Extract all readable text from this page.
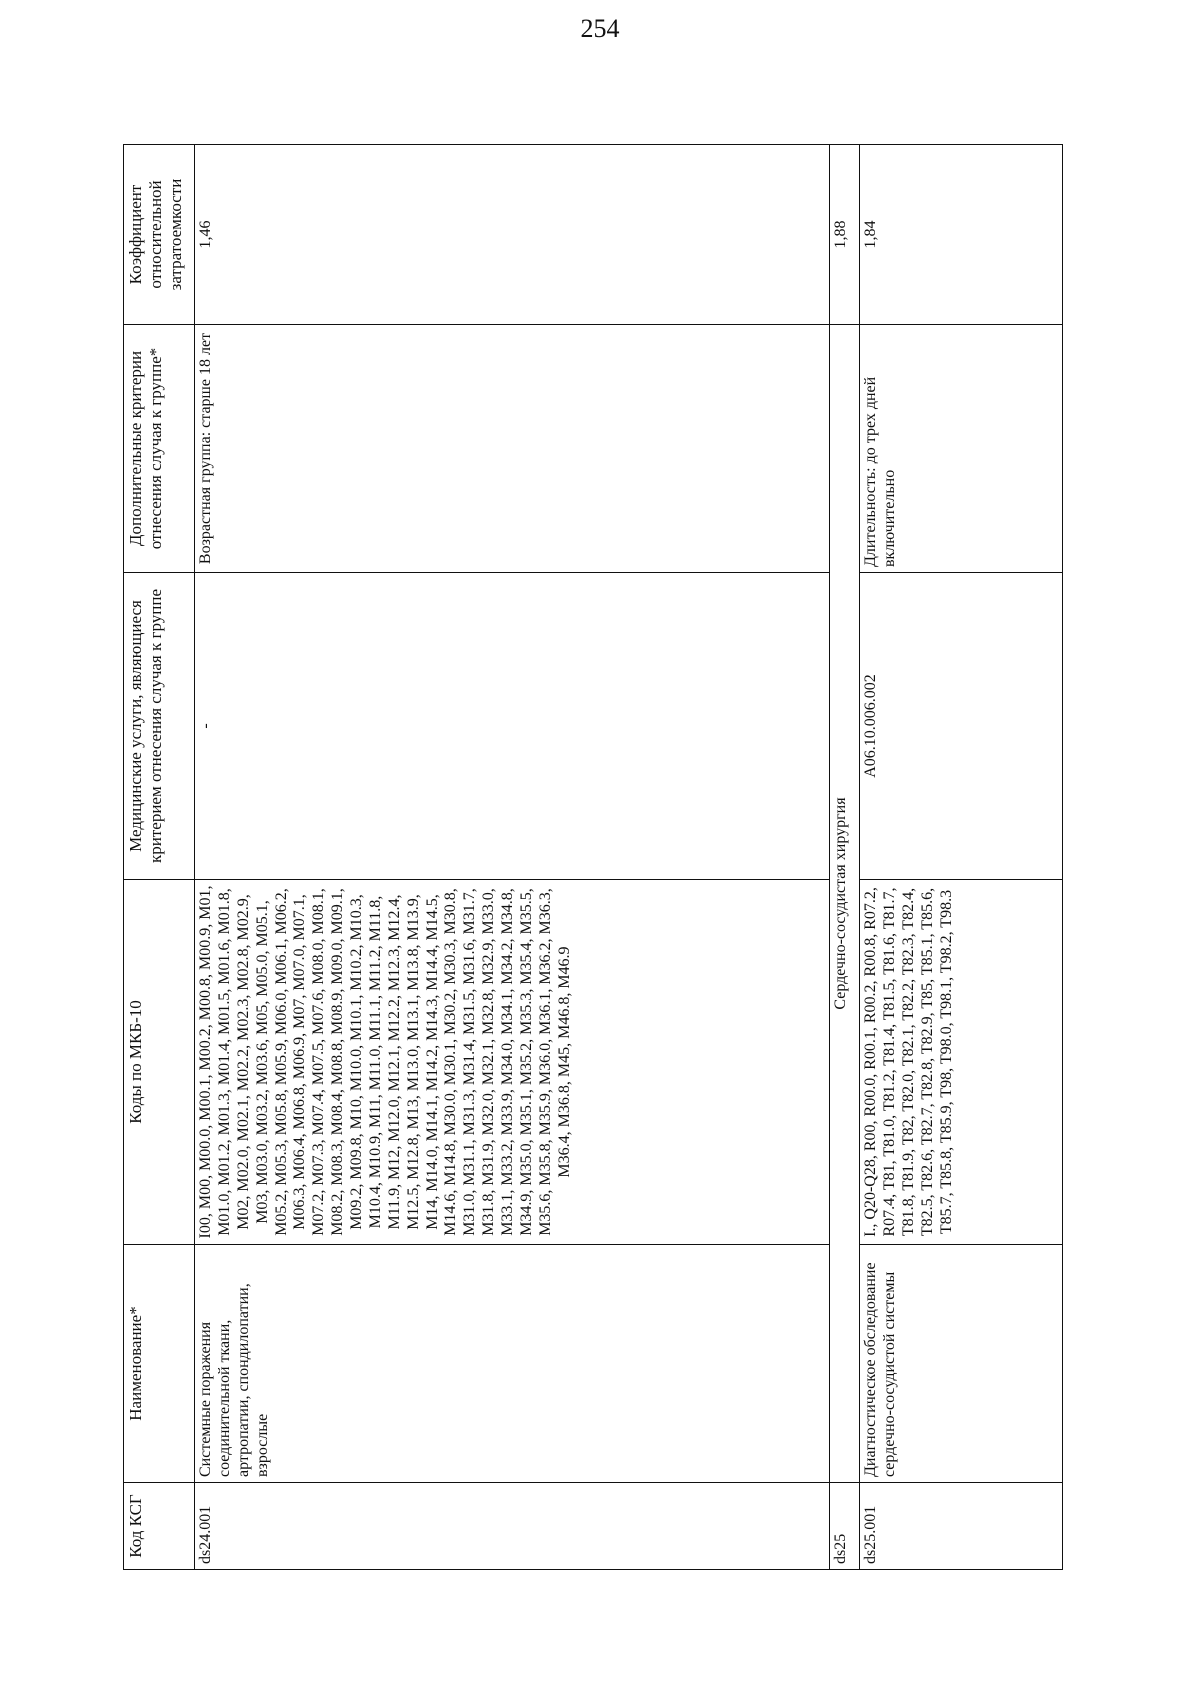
254
Код КСГ	Наименование*	Коды по МКБ-10	Медицинские услуги, являющиеся критерием отнесения случая к группе	Дополнительные критерии отнесения случая к группе*	Коэффициент относительной затратоемкости
ds24.001	Системные поражения соединительной ткани, артропатии, спондилопатии, взрослые	I00, M00, M00.0, M00.1, M00.2, M00.8, M00.9, M01, M01.0, M01.2, M01.3, M01.4, M01.5, M01.6, M01.8, M02, M02.0, M02.1, M02.2, M02.3, M02.8, M02.9, M03, M03.0, M03.2, M03.6, M05, M05.0, M05.1, M05.2, M05.3, M05.8, M05.9, M06.0, M06.1, M06.2, M06.3, M06.4, M06.8, M06.9, M07, M07.0, M07.1, M07.2, M07.3, M07.4, M07.5, M07.6, M08.0, M08.1, M08.2, M08.3, M08.4, M08.8, M08.9, M09.0, M09.1, M09.2, M09.8, M10, M10.0, M10.1, M10.2, M10.3, M10.4, M10.9, M11, M11.0, M11.1, M11.2, M11.8, M11.9, M12, M12.0, M12.1, M12.2, M12.3, M12.4, M12.5, M12.8, M13, M13.0, M13.1, M13.8, M13.9, M14, M14.0, M14.1, M14.2, M14.3, M14.4, M14.5, M14.6, M14.8, M30.0, M30.1, M30.2, M30.3, M30.8, M31.0, M31.1, M31.3, M31.4, M31.5, M31.6, M31.7, M31.8, M31.9, M32.0, M32.1, M32.8, M32.9, M33.0, M33.1, M33.2, M33.9, M34.0, M34.1, M34.2, M34.8, M34.9, M35.0, M35.1, M35.2, M35.3, M35.4, M35.5, M35.6, M35.8, M35.9, M36.0, M36.1, M36.2, M36.3, M36.4, M36.8, M45, M46.8, M46.9	-	Возрастная группа: старше 18 лет	1,46
ds25	Сердечно-сосудистая хирургия				1,88
ds25.001	Диагностическое обследование сердечно-сосудистой системы	I., Q20-Q28, R00, R00.0, R00.1, R00.2, R00.8, R07.2, R07.4, T81, T81.0, T81.2, T81.4, T81.5, T81.6, T81.7, T81.8, T81.9, T82, T82.0, T82.1, T82.2, T82.3, T82.4, T82.5, T82.6, T82.7, T82.8, T82.9, T85, T85.1, T85.6, T85.7, T85.8, T85.9, T98, T98.0, T98.1, T98.2, T98.3	A06.10.006.002	Длительность: до трех дней включительно	1,84
